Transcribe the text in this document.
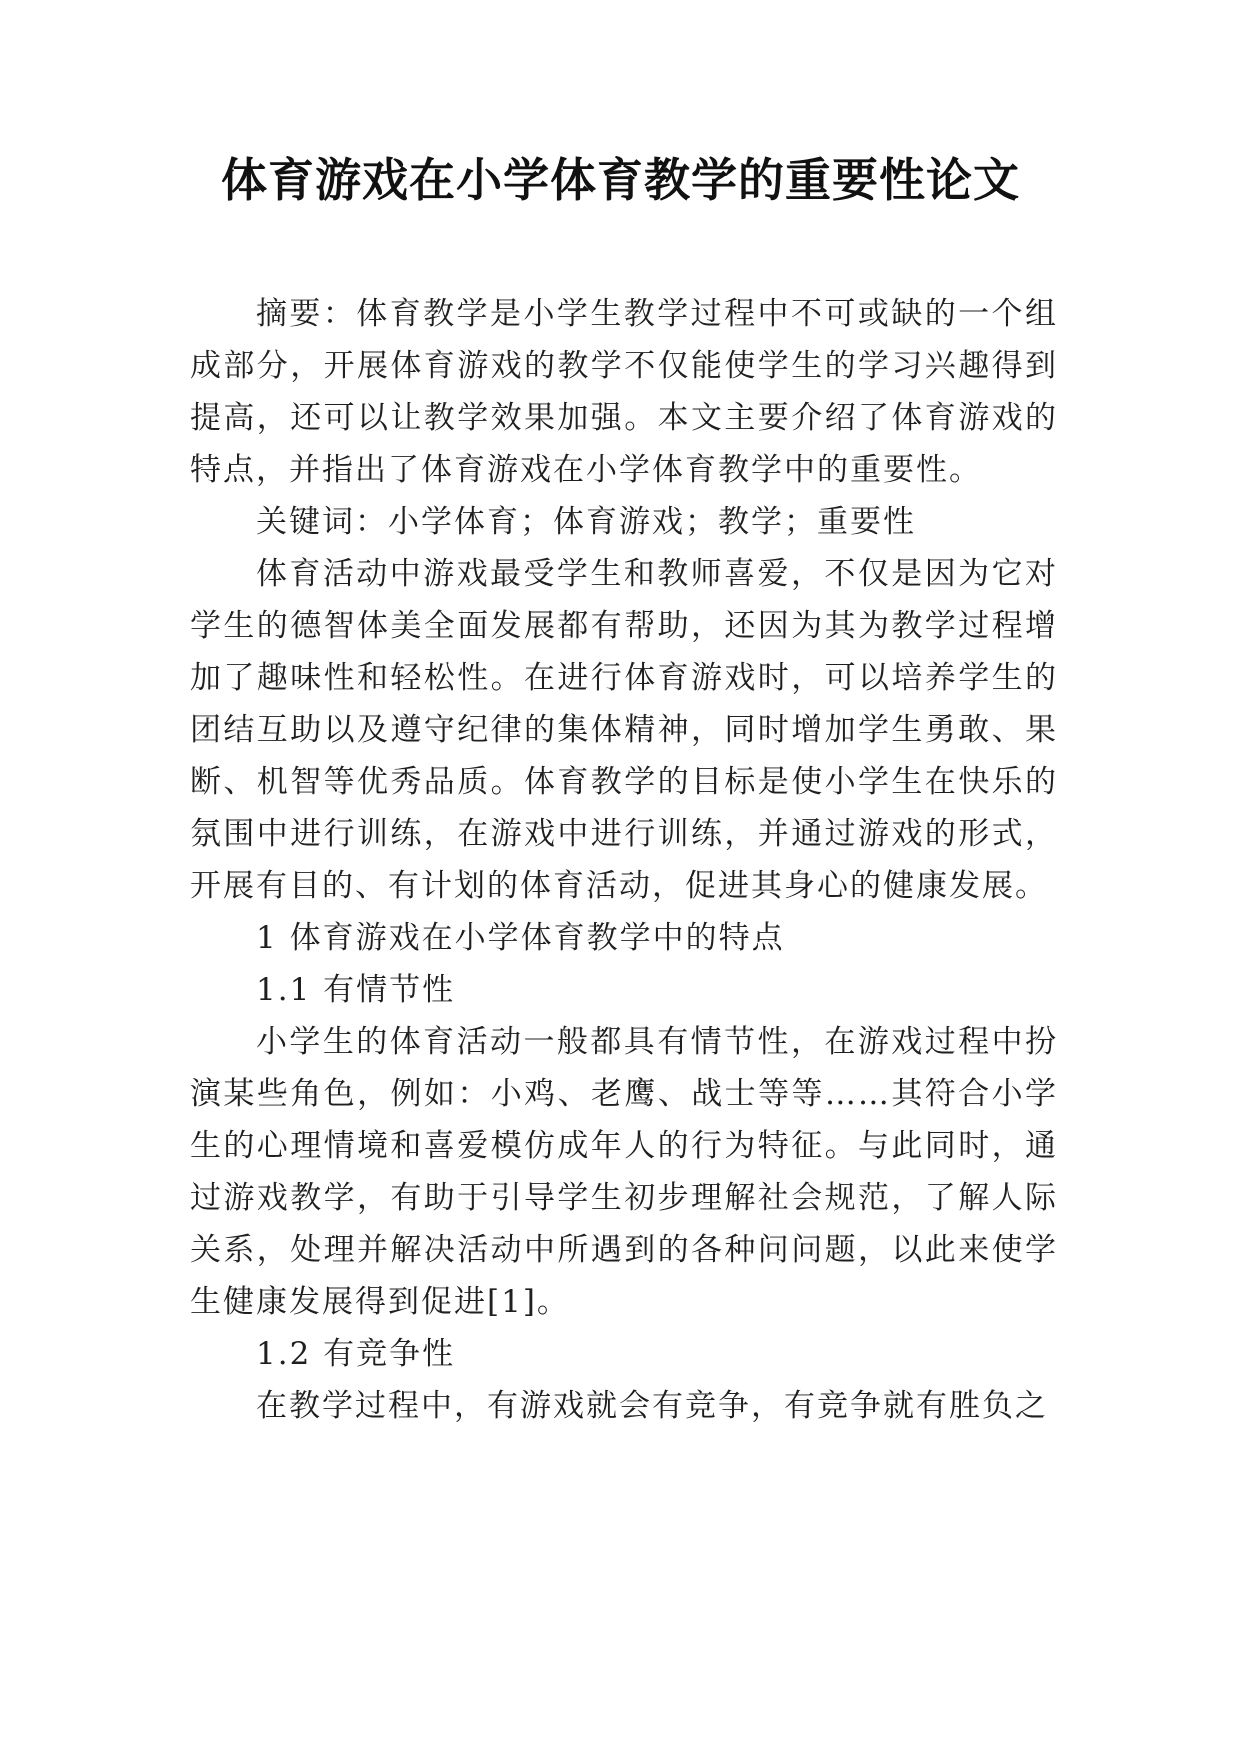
体育游戏在小学体育教学的重要性论文

摘要：体育教学是小学生教学过程中不可或缺的一个组成部分，开展体育游戏的教学不仅能使学生的学习兴趣得到提高，还可以让教学效果加强。本文主要介绍了体育游戏的特点，并指出了体育游戏在小学体育教学中的重要性。

关键词：小学体育；体育游戏；教学；重要性

体育活动中游戏最受学生和教师喜爱，不仅是因为它对学生的德智体美全面发展都有帮助，还因为其为教学过程增加了趣味性和轻松性。在进行体育游戏时，可以培养学生的团结互助以及遵守纪律的集体精神，同时增加学生勇敢、果断、机智等优秀品质。体育教学的目标是使小学生在快乐的氛围中进行训练，在游戏中进行训练，并通过游戏的形式，开展有目的、有计划的体育活动，促进其身心的健康发展。

1 体育游戏在小学体育教学中的特点

1.1 有情节性

小学生的体育活动一般都具有情节性，在游戏过程中扮演某些角色，例如：小鸡、老鹰、战士等等……其符合小学生的心理情境和喜爱模仿成年人的行为特征。与此同时，通过游戏教学，有助于引导学生初步理解社会规范，了解人际关系，处理并解决活动中所遇到的各种问问题，以此来使学生健康发展得到促进[1]。

1.2 有竞争性

在教学过程中，有游戏就会有竞争，有竞争就有胜负之
